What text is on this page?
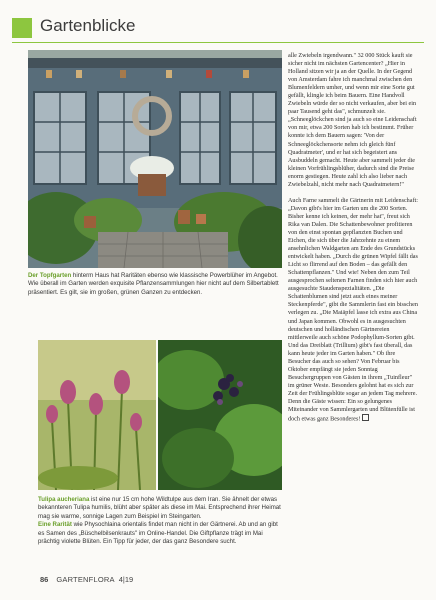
Gartenblicke

Der Topfgarten hinterm Haus hat Raritäten ebenso wie klassische Powerblüher im Angebot. Wie überall im Garten werden exquisite Pflanzensammlungen hier nicht auf dem Silbertablett präsentiert. Es gilt, sie im großen, grünen Ganzen zu entdecken.

Tulipa aucheriana ist eine nur 15 cm hohe Wildtulpe aus dem Iran. Sie ähnelt der etwas bekannteren Tulipa humilis, blüht aber später als diese im Mai. Entsprechend ihrer Heimat mag sie warme, sonnige Lagen zum Beispiel im Steingarten.

Eine Rarität wie Physochlaina orientalis findet man nicht in der Gärtnerei. Ab und an gibt es Samen des „Büschelbilsenkrauts" im Online-Handel. Die Giftpflanze trägt im Mai prächtig violette Blüten. Ein Tipp für jeder, der das ganz Besondere sucht.

alle Zwiebeln irgendwann." 32 000 Stück kauft sie sicher nicht im nächsten Gartencenter? „Hier in Holland sitzen wir ja an der Quelle. In der Gegend von Amsterdam fahre ich manchmal zwischen den Blumenfeldern umher, und wenn mir eine Sorte gut gefällt, klingle ich beim Bauern. Eine Handvoll Zwiebeln würde der so nicht verkaufen, aber bei ein paar Tausend geht das", schmunzelt sie. „Schneeglöckchen sind ja auch so eine Leidenschaft von mir, etwa 200 Sorten hab ich bestimmt. Früher konnte ich dem Bauern sagen: 'Von der Schneeglöckchensorte nehm ich gleich fünf Quadratmeter', und er hat sich begeistert ans Ausbuddeln gemacht. Heute aber sammelt jeder die kleinen Vorfrühlingsblüher, dadurch sind die Preise enorm gestiegen. Heute zahl ich also lieber nach Zwiebelzahl, nicht mehr nach Quadratmetern!"

Auch Farne sammelt die Gärtnerin mit Leidenschaft: „Davon gibt's hier im Garten um die 200 Sorten. Bisher kenne ich keinen, der mehr hat", freut sich Rika van Dalen. Die Schattenbewohner profitieren von den einst spontan gepflanzten Buchen und Eichen, die sich über die Jahrzehnte zu einem ansehnlichen Waldgarten am Ende des Grundstücks entwickelt haben. „Durch die grünen Wipfel fällt das Licht so flirrend auf den Boden – das gefällt den Schattenpflanzen." Und wie! Neben den zum Teil ausgesprochen seltenen Farnen finden sich hier auch ausgesuchte Staudenspezialitäten. „Die Schattenblumen sind jetzt auch eines meiner Steckenpferde", gibt die Sammlerin fast ein bisschen verlegen zu. „Die Maiäpfel lasse ich extra aus China und Japan kommen. Obwohl es in ausgesuchten deutschen und holländischen Gärtnereien mittlerweile auch schöne Podophyllum-Sorten gibt. Und das Dreiblatt (Trillium) gibt's fast überall, das kann heute jeder im Garten haben." Ob ihre Besucher das auch so sehen? Von Februar bis Oktober empfängt sie jeden Sonntag Besuchergruppen von Gästen in ihrem „Tuinfleur" im grüner Weste. Besonders gelohnt hat es sich zur Zeit der Frühlingsblüte sogar an jedem Tag mehrere. Denn die Gäste wissen: Ein so gelungenes Miteinander von Sammlergarten und Blütenfülle ist doch etwas ganz Besonderes!

86 GARTENFLORA 4|19
